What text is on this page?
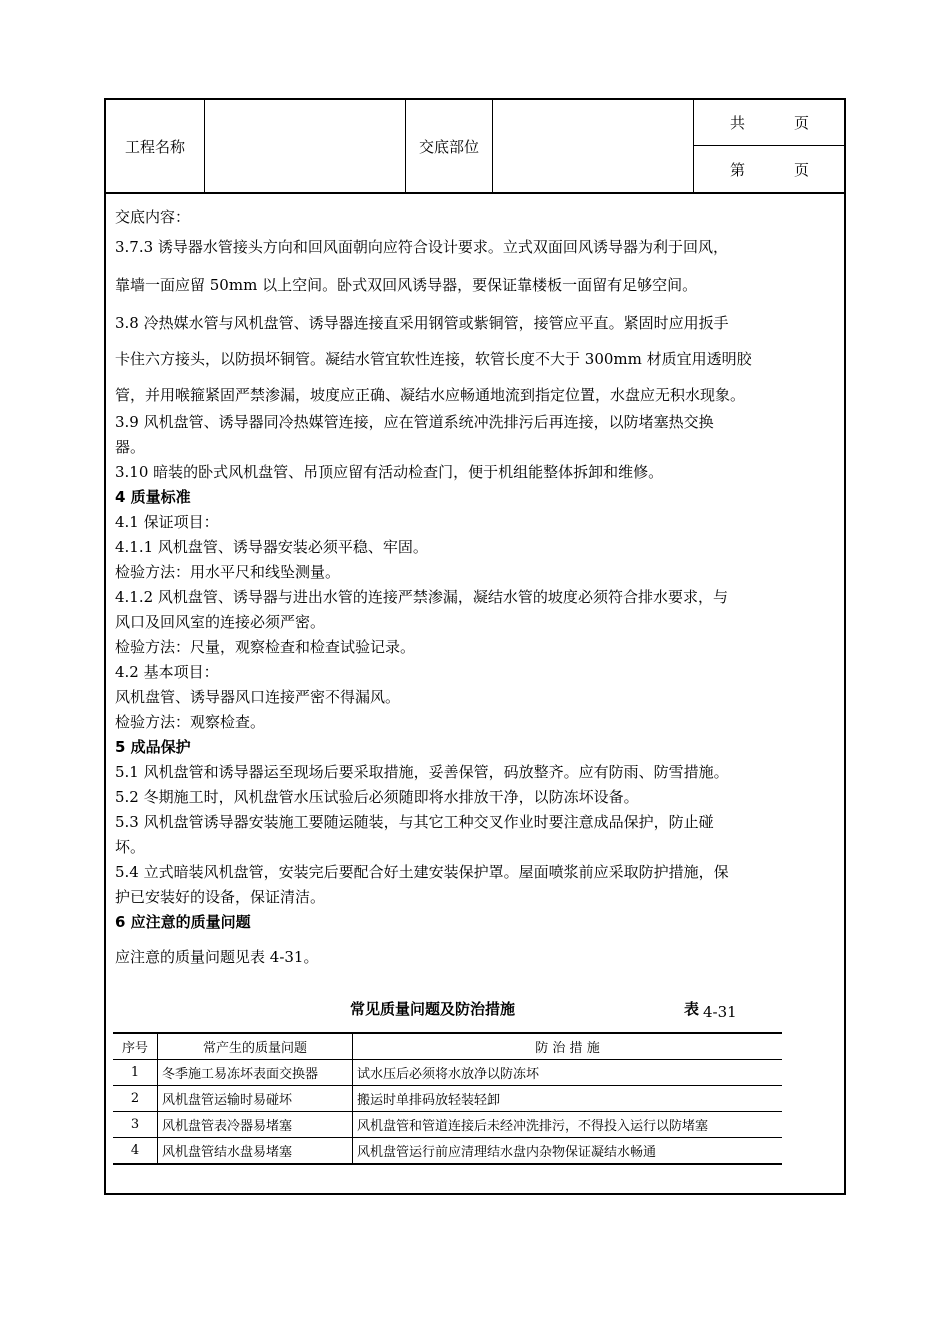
工程名称	交底部位
共	页
第	页
交底内容：
3.7.3 诱导器水管接头方向和回风面朝向应符合设计要求。立式双面回风诱导器为利于回风，
靠墙一面应留 50mm 以上空间。卧式双回风诱导器，要保证靠楼板一面留有足够空间。
3.8 冷热媒水管与风机盘管、诱导器连接直采用钢管或紫铜管，接管应平直。紧固时应用扳手
卡住六方接头，以防损坏铜管。凝结水管宜软性连接，软管长度不大于 300mm 材质宜用透明胶
管，并用喉箍紧固严禁渗漏，坡度应正确、凝结水应畅通地流到指定位置，水盘应无积水现象。
3.9 风机盘管、诱导器同冷热媒管连接，应在管道系统冲洗排污后再连接，以防堵塞热交换
器。
3.10 暗装的卧式风机盘管、吊顶应留有活动检查门，便于机组能整体拆卸和维修。
4 质量标准
4.1 保证项目：
4.1.1 风机盘管、诱导器安装必须平稳、牢固。
检验方法：用水平尺和线坠测量。
4.1.2 风机盘管、诱导器与进出水管的连接严禁渗漏，凝结水管的坡度必须符合排水要求，与
风口及回风室的连接必须严密。
检验方法：尺量，观察检查和检查试验记录。
4.2 基本项目：
风机盘管、诱导器风口连接严密不得漏风。
检验方法：观察检查。
5 成品保护
5.1 风机盘管和诱导器运至现场后要采取措施，妥善保管，码放整齐。应有防雨、防雪措施。
5.2 冬期施工时，风机盘管水压试验后必须随即将水排放干净，以防冻坏设备。
5.3 风机盘管诱导器安装施工要随运随装，与其它工种交叉作业时要注意成品保护，防止碰
坏。
5.4 立式暗装风机盘管，安装完后要配合好土建安装保护罩。屋面喷浆前应采取防护措施，保
护已安装好的设备，保证清洁。
6 应注意的质量问题
应注意的质量问题见表 4-31。
常见质量问题及防治措施	表 4-31
序号	常产生的质量问题	防 治 措 施
1	冬季施工易冻坏表面交换器	试水压后必须将水放净以防冻坏
2	风机盘管运输时易碰坏	搬运时单排码放轻装轻卸
3	风机盘管表冷器易堵塞	风机盘管和管道连接后未经冲洗排污，不得投入运行以防堵塞
4	风机盘管结水盘易堵塞	风机盘管运行前应清理结水盘内杂物保证凝结水畅通
